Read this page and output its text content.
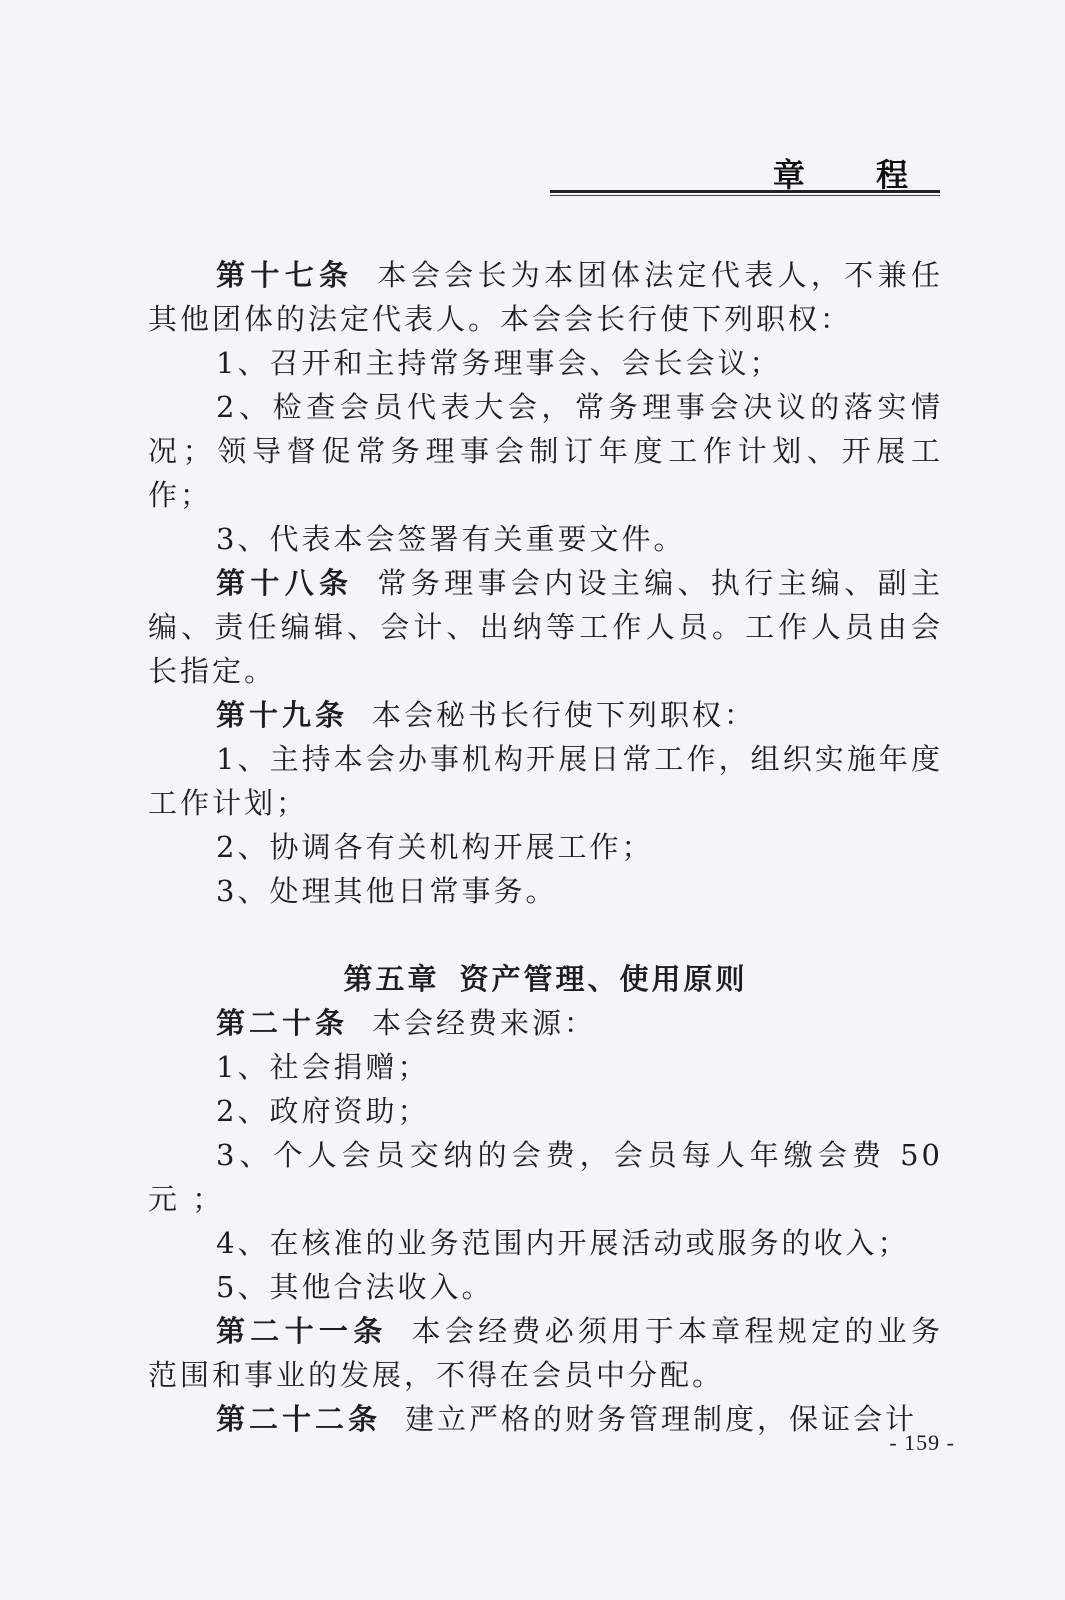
章 程

第十七条 本会会长为本团体法定代表人，不兼任其他团体的法定代表人。本会会长行使下列职权：

1、召开和主持常务理事会、会长会议；

2、检查会员代表大会，常务理事会决议的落实情况；领导督促常务理事会制订年度工作计划、开展工作；

3、代表本会签署有关重要文件。

第十八条 常务理事会内设主编、执行主编、副主编、责任编辑、会计、出纳等工作人员。工作人员由会长指定。

第十九条 本会秘书长行使下列职权：

1、主持本会办事机构开展日常工作，组织实施年度工作计划；

2、协调各有关机构开展工作；

3、处理其他日常事务。

第五章 资产管理、使用原则

第二十条 本会经费来源：

1、社会捐赠；

2、政府资助；

3、个人会员交纳的会费，会员每人年缴会费 50 元 ；

4、在核准的业务范围内开展活动或服务的收入；

5、其他合法收入。

第二十一条 本会经费必须用于本章程规定的业务范围和事业的发展，不得在会员中分配。

第二十二条 建立严格的财务管理制度，保证会计

- 159 -
